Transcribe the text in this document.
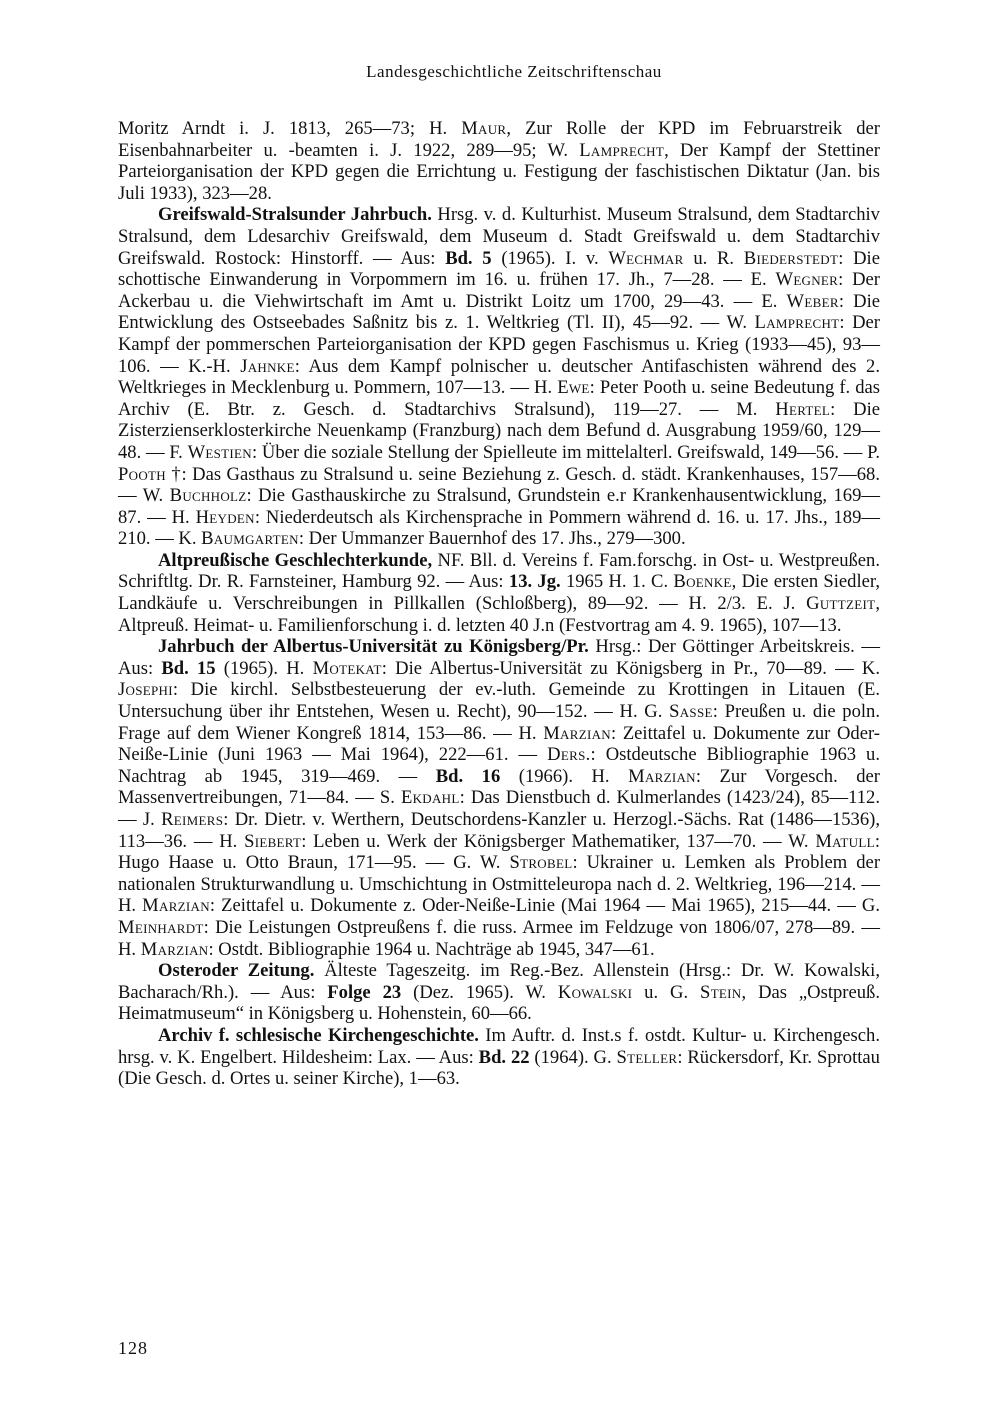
Landesgeschichtliche Zeitschriftenschau

Moritz Arndt i. J. 1813, 265—73; H. Maur, Zur Rolle der KPD im Februarstreik der Eisenbahnarbeiter u. -beamten i. J. 1922, 289—95; W. Lamprecht, Der Kampf der Stettiner Parteiorganisation der KPD gegen die Errichtung u. Festigung der faschistischen Diktatur (Jan. bis Juli 1933), 323—28.

Greifswald-Stralsunder Jahrbuch. Hrsg. v. d. Kulturhist. Museum Stralsund, dem Stadtarchiv Stralsund, dem Ldesarchiv Greifswald, dem Museum d. Stadt Greifswald u. dem Stadtarchiv Greifswald. Rostock: Hinstorff. — Aus: Bd. 5 (1965). I. v. Wechmar u. R. Biederstedt: Die schottische Einwanderung in Vorpommern im 16. u. frühen 17. Jh., 7—28. — E. Wegner: Der Ackerbau u. die Viehwirtschaft im Amt u. Distrikt Loitz um 1700, 29—43. — E. Weber: Die Entwicklung des Ostseebades Saßnitz bis z. 1. Weltkrieg (Tl. II), 45—92. — W. Lamprecht: Der Kampf der pommerschen Parteiorganisation der KPD gegen Faschismus u. Krieg (1933—45), 93—106. — K.-H. Jahnke: Aus dem Kampf polnischer u. deutscher Antifaschisten während des 2. Weltkrieges in Mecklenburg u. Pommern, 107—13. — H. Ewe: Peter Pooth u. seine Bedeutung f. das Archiv (E. Btr. z. Gesch. d. Stadtarchivs Stralsund), 119—27. — M. Hertel: Die Zisterzienserklosterkirche Neuenkamp (Franzburg) nach dem Befund d. Ausgrabung 1959/60, 129—48. — F. Westien: Über die soziale Stellung der Spielleute im mittelalterl. Greifswald, 149—56. — P. Pooth †: Das Gasthaus zu Stralsund u. seine Beziehung z. Gesch. d. städt. Krankenhauses, 157—68. — W. Buchholz: Die Gasthauskirche zu Stralsund, Grundstein e.r Krankenhausentwicklung, 169—87. — H. Heyden: Niederdeutsch als Kirchensprache in Pommern während d. 16. u. 17. Jhs., 189—210. — K. Baumgarten: Der Ummanzer Bauernhof des 17. Jhs., 279—300.

Altpreußische Geschlechterkunde, NF. Bll. d. Vereins f. Fam.forschg. in Ost- u. Westpreußen. Schriftltg. Dr. R. Farnsteiner, Hamburg 92. — Aus: 13. Jg. 1965 H. 1. C. Boenke, Die ersten Siedler, Landkäufe u. Verschreibungen in Pillkallen (Schloßberg), 89—92. — H. 2/3. E. J. Guttzeit, Altpreuß. Heimat- u. Familienforschung i. d. letzten 40 J.n (Festvortrag am 4. 9. 1965), 107—13.

Jahrbuch der Albertus-Universität zu Königsberg/Pr. Hrsg.: Der Göttinger Arbeitskreis. — Aus: Bd. 15 (1965). H. Motekat: Die Albertus-Universität zu Königsberg in Pr., 70—89. — K. Josephi: Die kirchl. Selbstbesteuerung der ev.-luth. Gemeinde zu Krottingen in Litauen (E. Untersuchung über ihr Entstehen, Wesen u. Recht), 90—152. — H. G. Sasse: Preußen u. die poln. Frage auf dem Wiener Kongreß 1814, 153—86. — H. Marzian: Zeittafel u. Dokumente zur Oder-Neiße-Linie (Juni 1963 — Mai 1964), 222—61. — Ders.: Ostdeutsche Bibliographie 1963 u. Nachtrag ab 1945, 319—469. — Bd. 16 (1966). H. Marzian: Zur Vorgesch. der Massenvertreibungen, 71—84. — S. Ekdahl: Das Dienstbuch d. Kulmerlandes (1423/24), 85—112. — J. Reimers: Dr. Dietr. v. Werthern, Deutschordens-Kanzler u. Herzogl.-Sächs. Rat (1486—1536), 113—36. — H. Siebert: Leben u. Werk der Königsberger Mathematiker, 137—70. — W. Matull: Hugo Haase u. Otto Braun, 171—95. — G. W. Strobel: Ukrainer u. Lemken als Problem der nationalen Strukturwandlung u. Umschichtung in Ostmitteleuropa nach d. 2. Weltkrieg, 196—214. — H. Marzian: Zeittafel u. Dokumente z. Oder-Neiße-Linie (Mai 1964 — Mai 1965), 215—44. — G. Meinhardt: Die Leistungen Ostpreußens f. die russ. Armee im Feldzuge von 1806/07, 278—89. — H. Marzian: Ostdt. Bibliographie 1964 u. Nachträge ab 1945, 347—61.

Osteroder Zeitung. Älteste Tageszeitg. im Reg.-Bez. Allenstein (Hrsg.: Dr. W. Kowalski, Bacharach/Rh.). — Aus: Folge 23 (Dez. 1965). W. Kowalski u. G. Stein, Das „Ostpreuß. Heimatmuseum“ in Königsberg u. Hohenstein, 60—66.

Archiv f. schlesische Kirchengeschichte. Im Auftr. d. Inst.s f. ostdt. Kultur- u. Kirchengesch. hrsg. v. K. Engelbert. Hildesheim: Lax. — Aus: Bd. 22 (1964). G. Steller: Rückersdorf, Kr. Sprottau (Die Gesch. d. Ortes u. seiner Kirche), 1—63.

128
